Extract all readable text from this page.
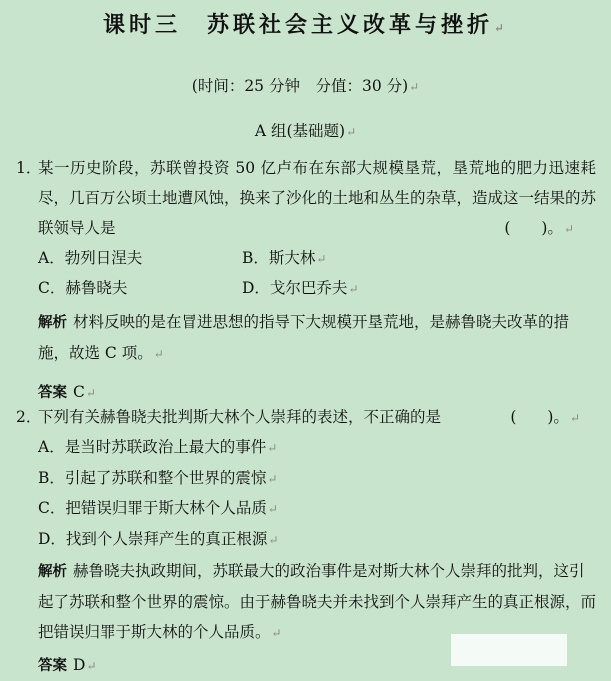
课时三　苏联社会主义改革与挫折↵
(时间：25 分钟　分值：30 分)↵
A 组(基础题)↵
1．
某一历史阶段，苏联曾投资 50 亿卢布在东部大规模垦荒，垦荒地的肥力迅速耗尽，几百万公顷土地遭风蚀，换来了沙化的土地和丛生的杂草，造成这一结果的苏联领导人是	(　　)。↵
A．勃列日涅夫	B．斯大林↵
C．赫鲁晓夫	D．戈尔巴乔夫↵
解析 材料反映的是在冒进思想的指导下大规模开垦荒地，是赫鲁晓夫改革的措施，故选 C 项。↵
答案 C↵
2．
下列有关赫鲁晓夫批判斯大林个人崇拜的表述，不正确的是	(　　)。↵
A．是当时苏联政治上最大的事件↵
B．引起了苏联和整个世界的震惊↵
C．把错误归罪于斯大林个人品质↵
D．找到个人崇拜产生的真正根源↵
解析 赫鲁晓夫执政期间，苏联最大的政治事件是对斯大林个人崇拜的批判，这引起了苏联和整个世界的震惊。由于赫鲁晓夫并未找到个人崇拜产生的真正根源，而把错误归罪于斯大林的个人品质。↵
答案 D↵
